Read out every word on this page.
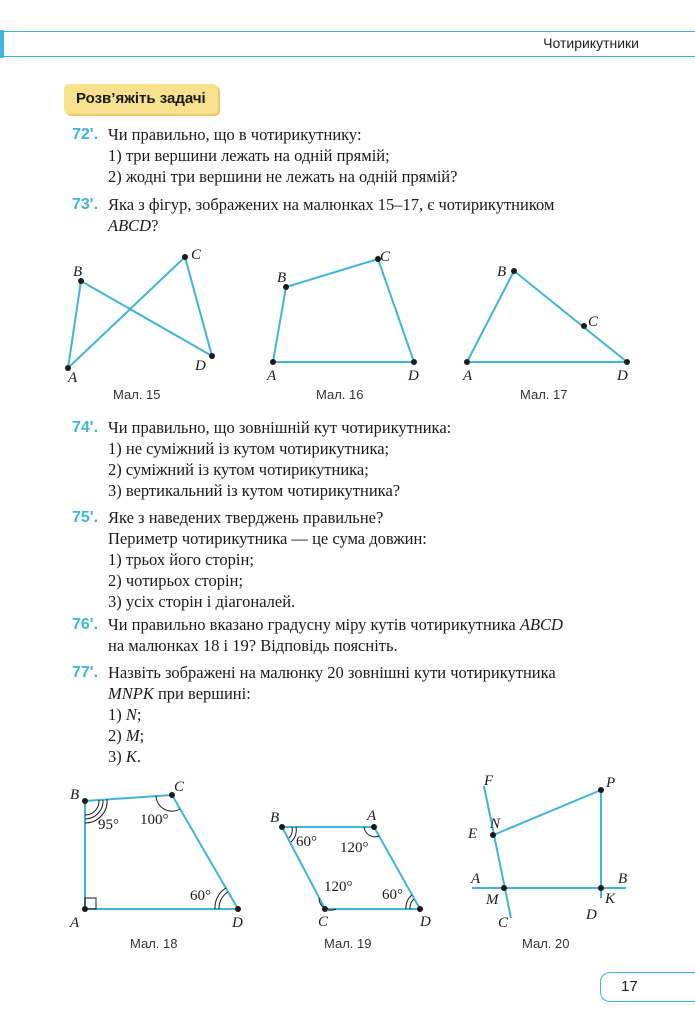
Чотирикутники
Розв’яжіть задачі
72'. Чи правильно, що в чотирикутнику:
1) три вершини лежать на одній прямій;
2) жодні три вершини не лежать на одній прямій?
73'. Яка з фігур, зображених на малюнках 15–17, є чотирикутником
ABCD?
B
C
D
A
Мал. 15
B
C
D
A
Мал. 16
B
C
D
A
Мал. 17
74'. Чи правильно, що зовнішній кут чотирикутника:
1) не суміжний із кутом чотирикутника;
2) суміжний із кутом чотирикутника;
3) вертикальний із кутом чотирикутника?
75'. Яке з наведених тверджень правильне?
Периметр чотирикутника — це сума довжин:
1) трьох його сторін;
2) чотирьох сторін;
3) усіх сторін і діагоналей.
76'. Чи правильно вказано градусну міру кутів чотирикутника ABCD
на малюнках 18 і 19? Відповідь поясніть.
77'. Назвіть зображені на малюнку 20 зовнішні кути чотирикутника
MNPK при вершині:
1) N;
2) M;
3) K.
B	C
D
A
95° 100°
60°
Мал. 18
B	A
D
C
60° 120°
120° 60°
Мал. 19
F	P
E
N
A	B
M	K
C	D
Мал. 20
17
